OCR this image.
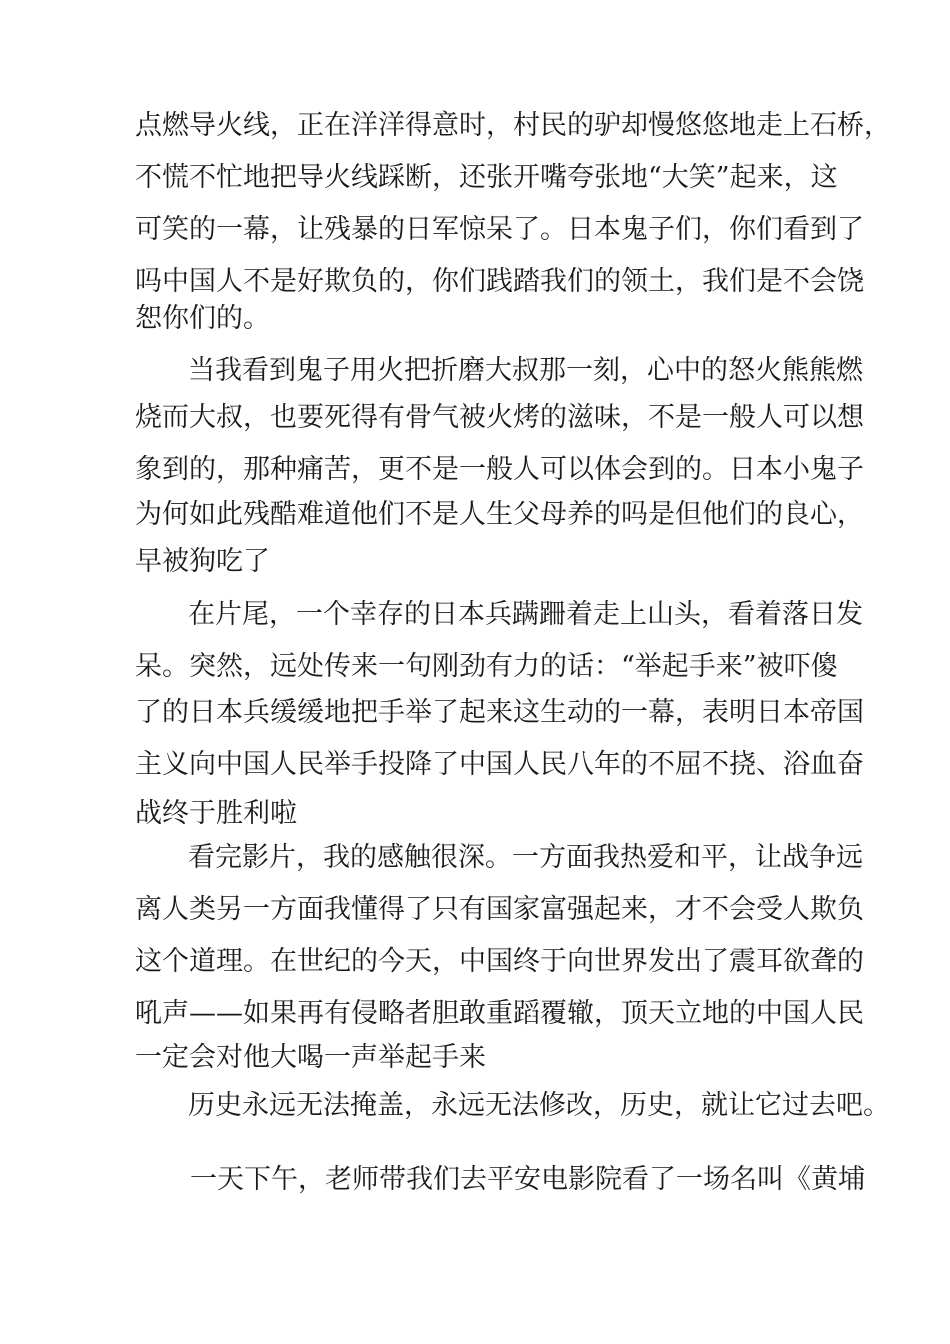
点燃导火线，正在洋洋得意时，村民的驴却慢悠悠地走上石桥，
不慌不忙地把导火线踩断，还张开嘴夸张地“大笑”起来，这
可笑的一幕，让残暴的日军惊呆了。日本鬼子们，你们看到了
吗中国人不是好欺负的，你们践踏我们的领土，我们是不会饶
恕你们的。
当我看到鬼子用火把折磨大叔那一刻，心中的怒火熊熊燃
烧而大叔，也要死得有骨气被火烤的滋味，不是一般人可以想
象到的，那种痛苦，更不是一般人可以体会到的。日本小鬼子
为何如此残酷难道他们不是人生父母养的吗是但他们的良心，
早被狗吃了
在片尾，一个幸存的日本兵蹒跚着走上山头，看着落日发
呆。突然，远处传来一句刚劲有力的话：“举起手来”被吓傻
了的日本兵缓缓地把手举了起来这生动的一幕，表明日本帝国
主义向中国人民举手投降了中国人民八年的不屈不挠、浴血奋
战终于胜利啦
看完影片，我的感触很深。一方面我热爱和平，让战争远
离人类另一方面我懂得了只有国家富强起来，才不会受人欺负
这个道理。在世纪的今天，中国终于向世界发出了震耳欲聋的
吼声——如果再有侵略者胆敢重蹈覆辙，顶天立地的中国人民
一定会对他大喝一声举起手来
历史永远无法掩盖，永远无法修改，历史，就让它过去吧。
一天下午，老师带我们去平安电影院看了一场名叫《黄埔
